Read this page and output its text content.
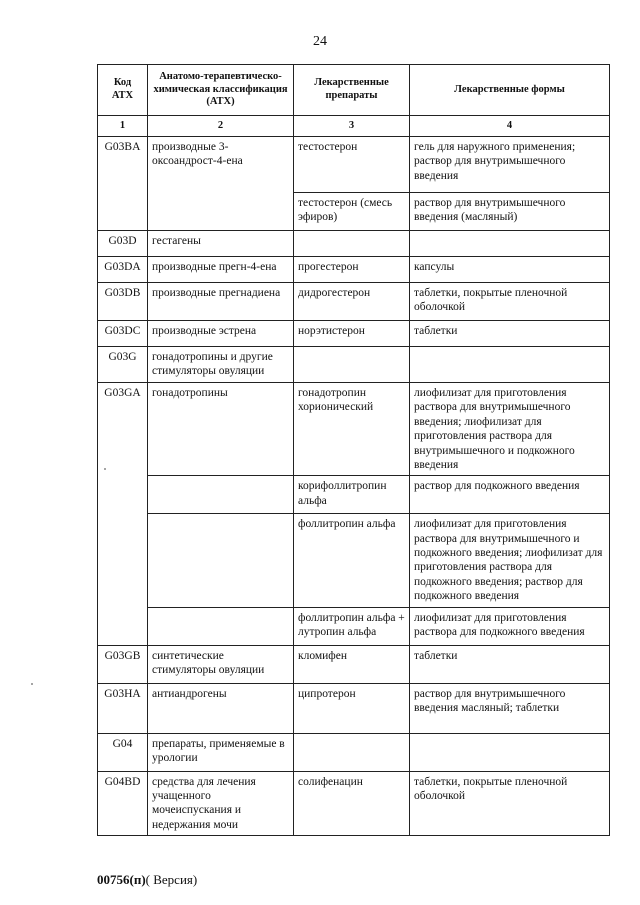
24
Код АТХ	Анатомо-терапевтическо-химическая классификация (АТХ)	Лекарственные препараты	Лекарственные формы
1	2	3	4
G03BA	производные 3-оксоандрост-4-ена	тестостерон	гель для наружного применения; раствор для внутримышечного введения
		тестостерон (смесь эфиров)	раствор для внутримышечного введения (масляный)
G03D	гестагены		
G03DA	производные прегн-4-ена	прогестерон	капсулы
G03DB	производные прегнадиена	дидрогестерон	таблетки, покрытые пленочной оболочкой
G03DC	производные эстрена	норэтистерон	таблетки
G03G	гонадотропины и другие стимуляторы овуляции		
G03GA	гонадотропины	гонадотропин хорионический	лиофилизат для приготовления раствора для внутримышечного введения; лиофилизат для приготовления раствора для внутримышечного и подкожного введения
		корифоллитропин альфа	раствор для подкожного введения
		фоллитропин альфа	лиофилизат для приготовления раствора для внутримышечного и подкожного введения; лиофилизат для приготовления раствора для подкожного введения; раствор для подкожного введения
		фоллитропин альфа + лутропин альфа	лиофилизат для приготовления раствора для подкожного введения
G03GB	синтетические стимуляторы овуляции	кломифен	таблетки
G03HA	антиандрогены	ципротерон	раствор для внутримышечного введения масляный; таблетки
G04	препараты, применяемые в урологии		
G04BD	средства для лечения учащенного мочеиспускания и недержания мочи	солифенацин	таблетки, покрытые пленочной оболочкой
00756(п)( Версия)
